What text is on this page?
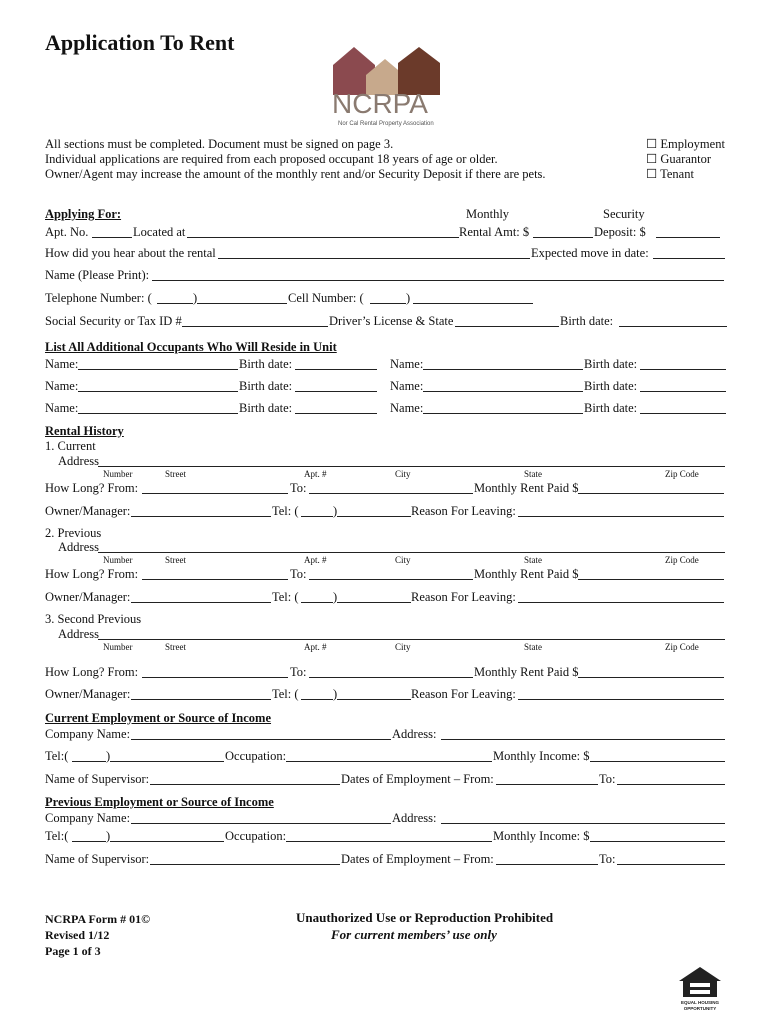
Application To Rent
NCRPA
Nor Cal Rental Property Association
All sections must be completed. Document must be signed on page 3.
Individual applications are required from each proposed occupant 18 years of age or older.
Owner/Agent may increase the amount of the monthly rent and/or Security Deposit if there are pets.
☐ Employment
☐ Guarantor
☐ Tenant
Applying For:	Monthly	Security
Apt. No.	Located at	Rental Amt: $	Deposit: $
How did you hear about the rental	Expected move in date:
Name (Please Print):
Telephone Number: (	)	Cell Number: (	)
Social Security or Tax ID #	Driver’s License & State	Birth date:
List All Additional Occupants Who Will Reside in Unit
Name:	Birth date:	Name:	Birth date:
Name:	Birth date:	Name:	Birth date:
Name:	Birth date:	Name:	Birth date:
Rental History
1. Current
Address
Number	Street	Apt. #	City	State	Zip Code
How Long? From:	To:	Monthly Rent Paid $
Owner/Manager:	Tel: (	)	Reason For Leaving:
2. Previous
Address
Number	Street	Apt. #	City	State	Zip Code
How Long? From:	To:	Monthly Rent Paid $
Owner/Manager:	Tel: (	)	Reason For Leaving:
3. Second Previous
Address
Number	Street	Apt. #	City	State	Zip Code
How Long? From:	To:	Monthly Rent Paid $
Owner/Manager:	Tel: (	)	Reason For Leaving:
Current Employment or Source of Income
Company Name:	Address:
Tel:(	)	Occupation:	Monthly Income: $
Name of Supervisor:	Dates of Employment – From:	To:
Previous Employment or Source of Income
Company Name:	Address:
Tel:(	)	Occupation:	Monthly Income: $
Name of Supervisor:	Dates of Employment – From:	To:
NCRPA Form # 01©
Revised 1/12
Page 1 of 3
Unauthorized Use or Reproduction Prohibited
For current members’ use only
EQUAL HOUSING
OPPORTUNITY
